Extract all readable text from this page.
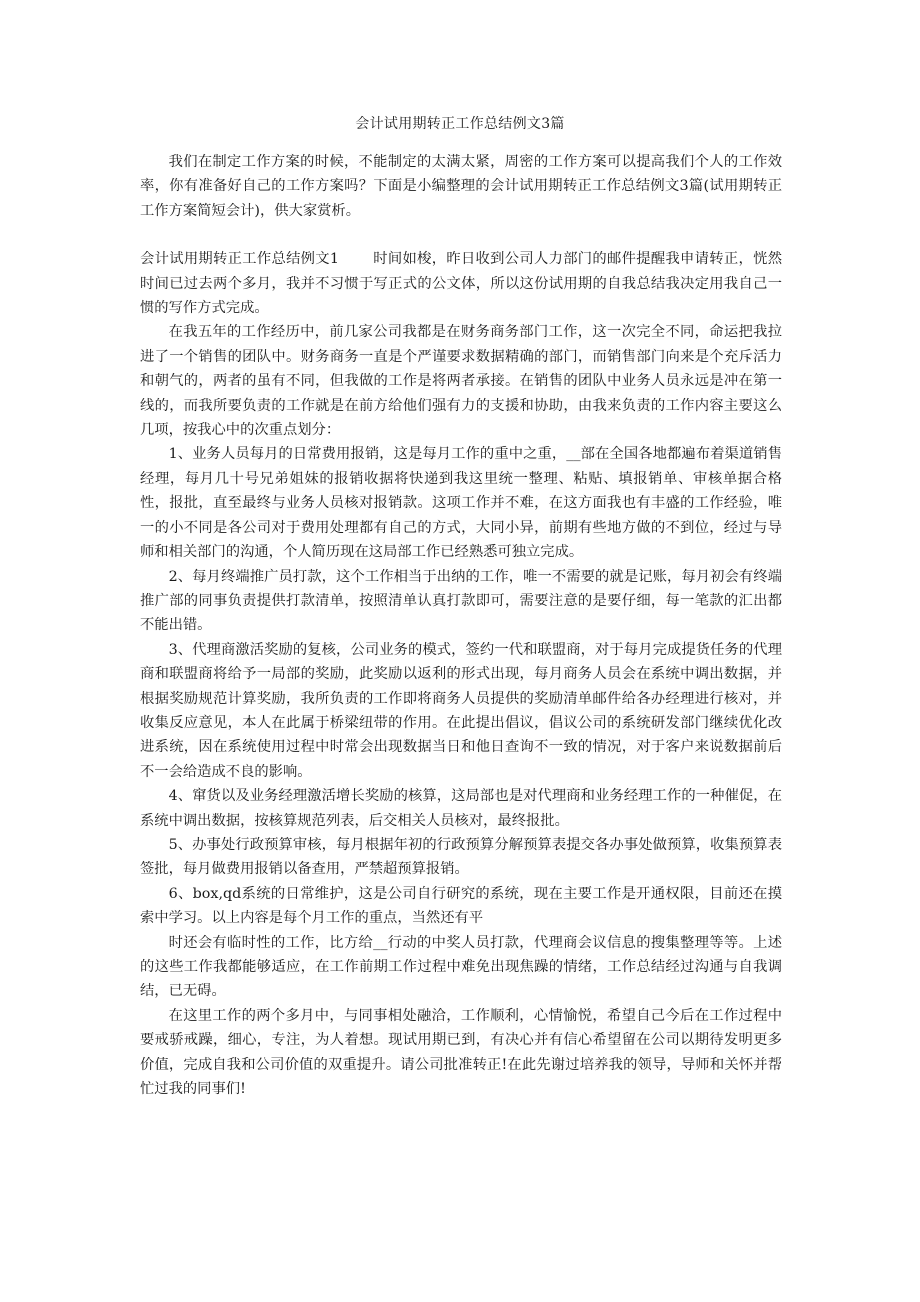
会计试用期转正工作总结例文3篇

我们在制定工作方案的时候，不能制定的太满太紧，周密的工作方案可以提高我们个人的工作效率，你有准备好自己的工作方案吗？下面是小编整理的会计试用期转正工作总结例文3篇(试用期转正工作方案简短会计)，供大家赏析。

会计试用期转正工作总结例文1 时间如梭，昨日收到公司人力部门的邮件提醒我申请转正，恍然时间已过去两个多月，我并不习惯于写正式的公文体，所以这份试用期的自我总结我决定用我自己一惯的写作方式完成。

在我五年的工作经历中，前几家公司我都是在财务商务部门工作，这一次完全不同，命运把我拉进了一个销售的团队中。财务商务一直是个严谨要求数据精确的部门，而销售部门向来是个充斥活力和朝气的，两者的虽有不同，但我做的工作是将两者承接。在销售的团队中业务人员永远是冲在第一线的，而我所要负责的工作就是在前方给他们强有力的支援和协助，由我来负责的工作内容主要这么几项，按我心中的次重点划分：

1、业务人员每月的日常费用报销，这是每月工作的重中之重，__部在全国各地都遍布着渠道销售经理，每月几十号兄弟姐妹的报销收据将快递到我这里统一整理、粘贴、填报销单、审核单据合格性，报批，直至最终与业务人员核对报销款。这项工作并不难，在这方面我也有丰盛的工作经验，唯一的小不同是各公司对于费用处理都有自己的方式，大同小异，前期有些地方做的不到位，经过与导师和相关部门的沟通，个人简历现在这局部工作已经熟悉可独立完成。

2、每月终端推广员打款，这个工作相当于出纳的工作，唯一不需要的就是记账，每月初会有终端推广部的同事负责提供打款清单，按照清单认真打款即可，需要注意的是要仔细，每一笔款的汇出都不能出错。

3、代理商激活奖励的复核，公司业务的模式，签约一代和联盟商，对于每月完成提货任务的代理商和联盟商将给予一局部的奖励，此奖励以返利的形式出现，每月商务人员会在系统中调出数据，并根据奖励规范计算奖励，我所负责的工作即将商务人员提供的奖励清单邮件给各办经理进行核对，并收集反应意见，本人在此属于桥梁纽带的作用。在此提出倡议，倡议公司的系统研发部门继续优化改进系统，因在系统使用过程中时常会出现数据当日和他日查询不一致的情况，对于客户来说数据前后不一会给造成不良的影响。

4、窜货以及业务经理激活增长奖励的核算，这局部也是对代理商和业务经理工作的一种催促，在系统中调出数据，按核算规范列表，后交相关人员核对，最终报批。

5、办事处行政预算审核，每月根据年初的行政预算分解预算表提交各办事处做预算，收集预算表签批，每月做费用报销以备查用，严禁超预算报销。

6、box,qd系统的日常维护，这是公司自行研究的系统，现在主要工作是开通权限，目前还在摸索中学习。以上内容是每个月工作的重点，当然还有平

时还会有临时性的工作，比方给__行动的中奖人员打款，代理商会议信息的搜集整理等等。上述的这些工作我都能够适应，在工作前期工作过程中难免出现焦躁的情绪，工作总结经过沟通与自我调结，已无碍。

在这里工作的两个多月中，与同事相处融洽，工作顺利，心情愉悦，希望自己今后在工作过程中要戒骄戒躁，细心，专注，为人着想。现试用期已到，有决心并有信心希望留在公司以期待发明更多价值，完成自我和公司价值的双重提升。请公司批准转正!在此先谢过培养我的领导，导师和关怀并帮忙过我的同事们!
